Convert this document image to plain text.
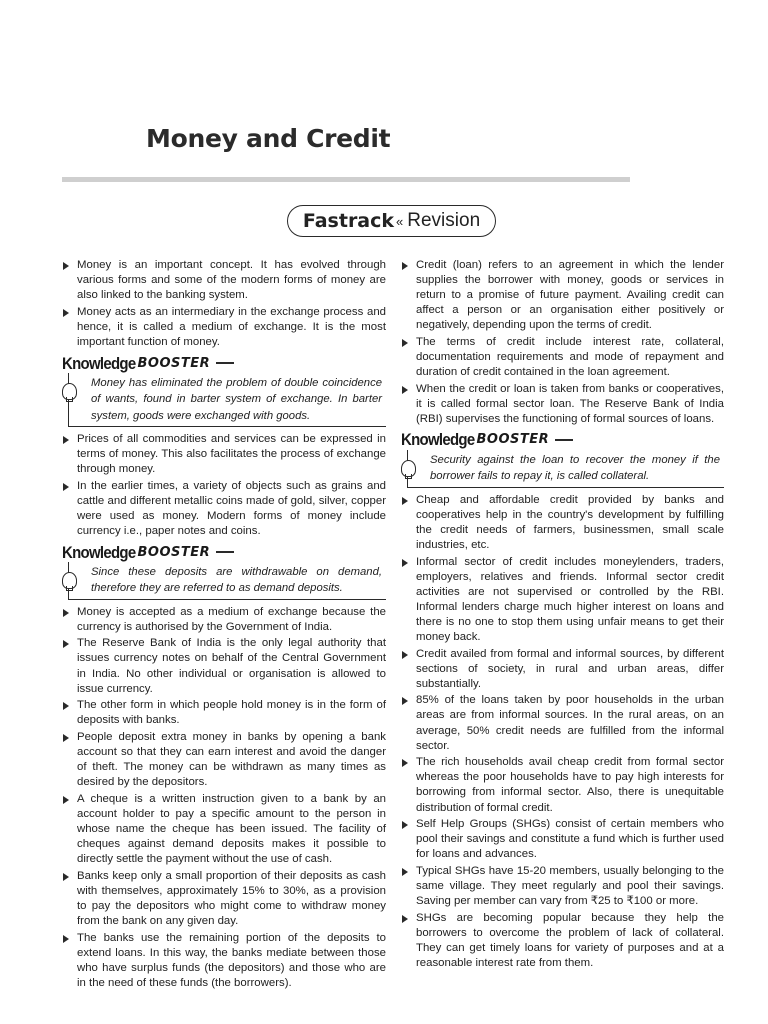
Money and Credit
Fastrack « Revision
Money is an important concept. It has evolved through various forms and some of the modern forms of money are also linked to the banking system.
Money acts as an intermediary in the exchange process and hence, it is called a medium of exchange. It is the most important function of money.
Knowledge BOOSTER
Money has eliminated the problem of double coincidence of wants, found in barter system of exchange. In barter system, goods were exchanged with goods.
Prices of all commodities and services can be expressed in terms of money. This also facilitates the process of exchange through money.
In the earlier times, a variety of objects such as grains and cattle and different metallic coins made of gold, silver, copper were used as money. Modern forms of money include currency i.e., paper notes and coins.
Knowledge BOOSTER
Since these deposits are withdrawable on demand, therefore they are referred to as demand deposits.
Money is accepted as a medium of exchange because the currency is authorised by the Government of India.
The Reserve Bank of India is the only legal authority that issues currency notes on behalf of the Central Government in India. No other individual or organisation is allowed to issue currency.
The other form in which people hold money is in the form of deposits with banks.
People deposit extra money in banks by opening a bank account so that they can earn interest and avoid the danger of theft. The money can be withdrawn as many times as desired by the depositors.
A cheque is a written instruction given to a bank by an account holder to pay a specific amount to the person in whose name the cheque has been issued. The facility of cheques against demand deposits makes it possible to directly settle the payment without the use of cash.
Banks keep only a small proportion of their deposits as cash with themselves, approximately 15% to 30%, as a provision to pay the depositors who might come to withdraw money from the bank on any given day.
The banks use the remaining portion of the deposits to extend loans. In this way, the banks mediate between those who have surplus funds (the depositors) and those who are in the need of these funds (the borrowers).
Credit (loan) refers to an agreement in which the lender supplies the borrower with money, goods or services in return to a promise of future payment. Availing credit can affect a person or an organisation either positively or negatively, depending upon the terms of credit.
The terms of credit include interest rate, collateral, documentation requirements and mode of repayment and duration of credit contained in the loan agreement.
When the credit or loan is taken from banks or cooperatives, it is called formal sector loan. The Reserve Bank of India (RBI) supervises the functioning of formal sources of loans.
Knowledge BOOSTER
Security against the loan to recover the money if the borrower fails to repay it, is called collateral.
Cheap and affordable credit provided by banks and cooperatives help in the country's development by fulfilling the credit needs of farmers, businessmen, small scale industries, etc.
Informal sector of credit includes moneylenders, traders, employers, relatives and friends. Informal sector credit activities are not supervised or controlled by the RBI. Informal lenders charge much higher interest on loans and there is no one to stop them using unfair means to get their money back.
Credit availed from formal and informal sources, by different sections of society, in rural and urban areas, differ substantially.
85% of the loans taken by poor households in the urban areas are from informal sources. In the rural areas, on an average, 50% credit needs are fulfilled from the informal sector.
The rich households avail cheap credit from formal sector whereas the poor households have to pay high interests for borrowing from informal sector. Also, there is unequitable distribution of formal credit.
Self Help Groups (SHGs) consist of certain members who pool their savings and constitute a fund which is further used for loans and advances.
Typical SHGs have 15-20 members, usually belonging to the same village. They meet regularly and pool their savings. Saving per member can vary from ₹25 to ₹100 or more.
SHGs are becoming popular because they help the borrowers to overcome the problem of lack of collateral. They can get timely loans for variety of purposes and at a reasonable interest rate from them.
